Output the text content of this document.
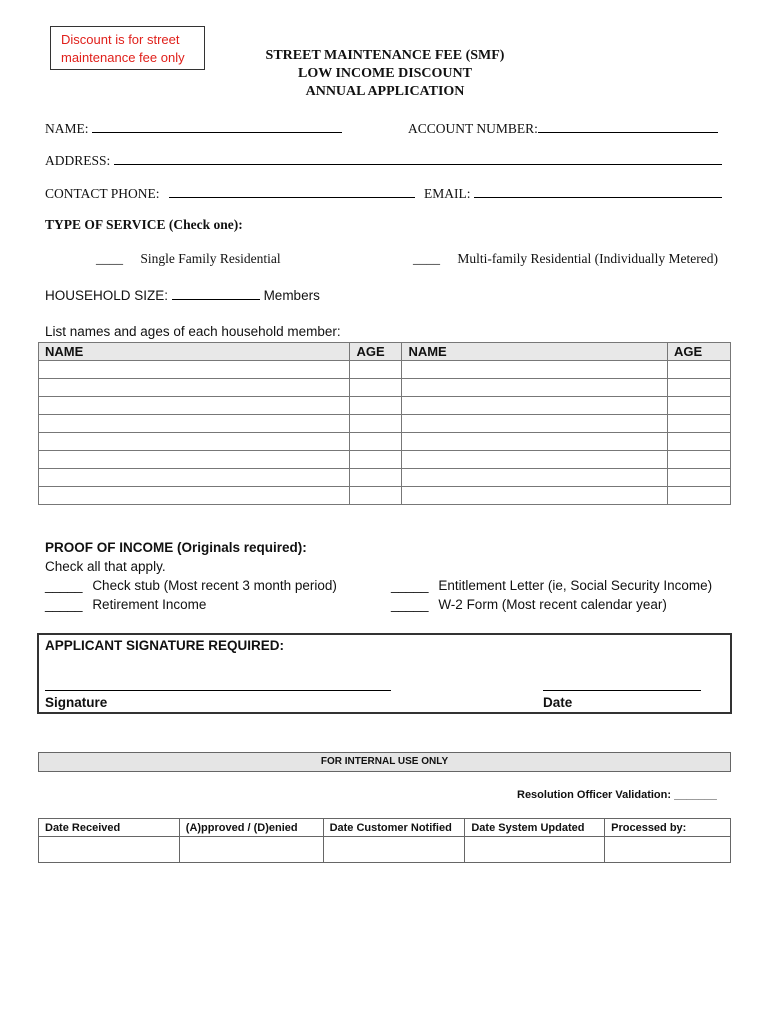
Discount is for street maintenance fee only	STREET MAINTENANCE FEE (SMF)
LOW INCOME DISCOUNT
ANNUAL APPLICATION
NAME:	ACCOUNT NUMBER:
ADDRESS:
CONTACT PHONE:	EMAIL:
TYPE OF SERVICE (Check one):
____ Single Family Residential	____ Multi-family Residential (Individually Metered)
HOUSEHOLD SIZE:	Members
List names and ages of each household member:
NAME	AGE	NAME	AGE

PROOF OF INCOME (Originals required):
Check all that apply.
_____ Check stub (Most recent 3 month period)	_____ Entitlement Letter (ie, Social Security Income)
_____ Retirement Income	_____ W-2 Form (Most recent calendar year)
APPLICANT SIGNATURE REQUIRED:
Signature	Date
FOR INTERNAL USE ONLY
Resolution Officer Validation: _______
Date Received	(A)pproved / (D)enied	Date Customer Notified	Date System Updated	Processed by:
